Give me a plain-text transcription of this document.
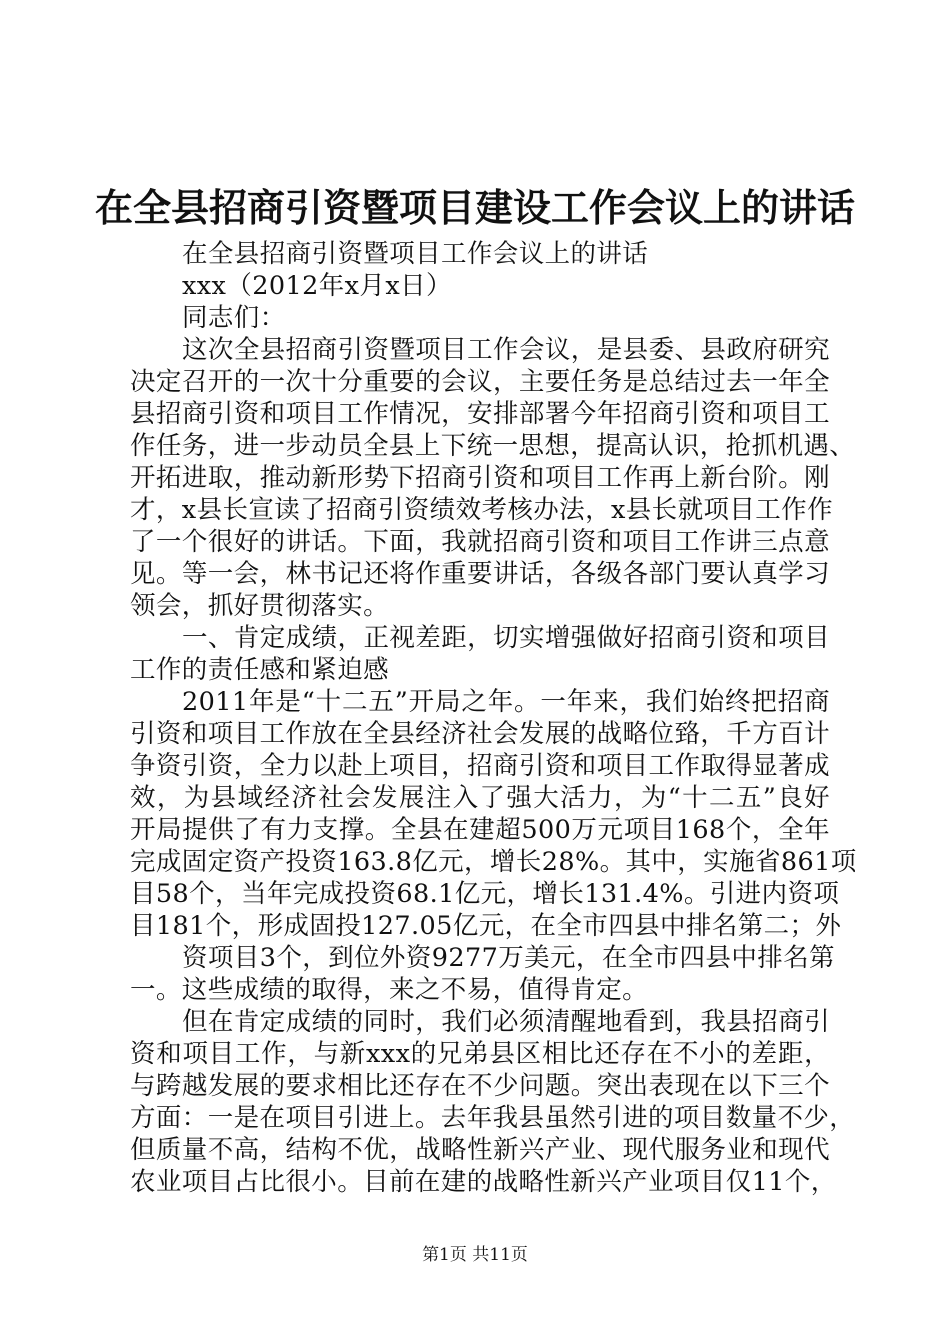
在全县招商引资暨项目建设工作会议上的讲话
在全县招商引资暨项目工作会议上的讲话
xxx（2012年x月x日）
同志们：
这次全县招商引资暨项目工作会议，是县委、县政府研究
决定召开的一次十分重要的会议，主要任务是总结过去一年全
县招商引资和项目工作情况，安排部署今年招商引资和项目工
作任务，进一步动员全县上下统一思想，提高认识，抢抓机遇、
开拓进取，推动新形势下招商引资和项目工作再上新台阶。刚
才，x县长宣读了招商引资绩效考核办法，x县长就项目工作作
了一个很好的讲话。下面，我就招商引资和项目工作讲三点意
见。等一会，林书记还将作重要讲话，各级各部门要认真学习
领会，抓好贯彻落实。
一、肯定成绩，正视差距，切实增强做好招商引资和项目
工作的责任感和紧迫感
2011年是“十二五”开局之年。一年来，我们始终把招商
引资和项目工作放在全县经济社会发展的战略位臵，千方百计
争资引资，全力以赴上项目，招商引资和项目工作取得显著成
效，为县域经济社会发展注入了强大活力，为“十二五”良好
开局提供了有力支撑。全县在建超500万元项目168个，全年
完成固定资产投资163.8亿元，增长28%。其中，实施省861项
目58个，当年完成投资68.1亿元，增长131.4%。引进内资项
目181个，形成固投127.05亿元，在全市四县中排名第二；外
资项目3个，到位外资9277万美元，在全市四县中排名第
一。这些成绩的取得，来之不易，值得肯定。
但在肯定成绩的同时，我们必须清醒地看到，我县招商引
资和项目工作，与新xxx的兄弟县区相比还存在不小的差距，
与跨越发展的要求相比还存在不少问题。突出表现在以下三个
方面：一是在项目引进上。去年我县虽然引进的项目数量不少，
但质量不高，结构不优，战略性新兴产业、现代服务业和现代
农业项目占比很小。目前在建的战略性新兴产业项目仅11个，
第1页 共11页
